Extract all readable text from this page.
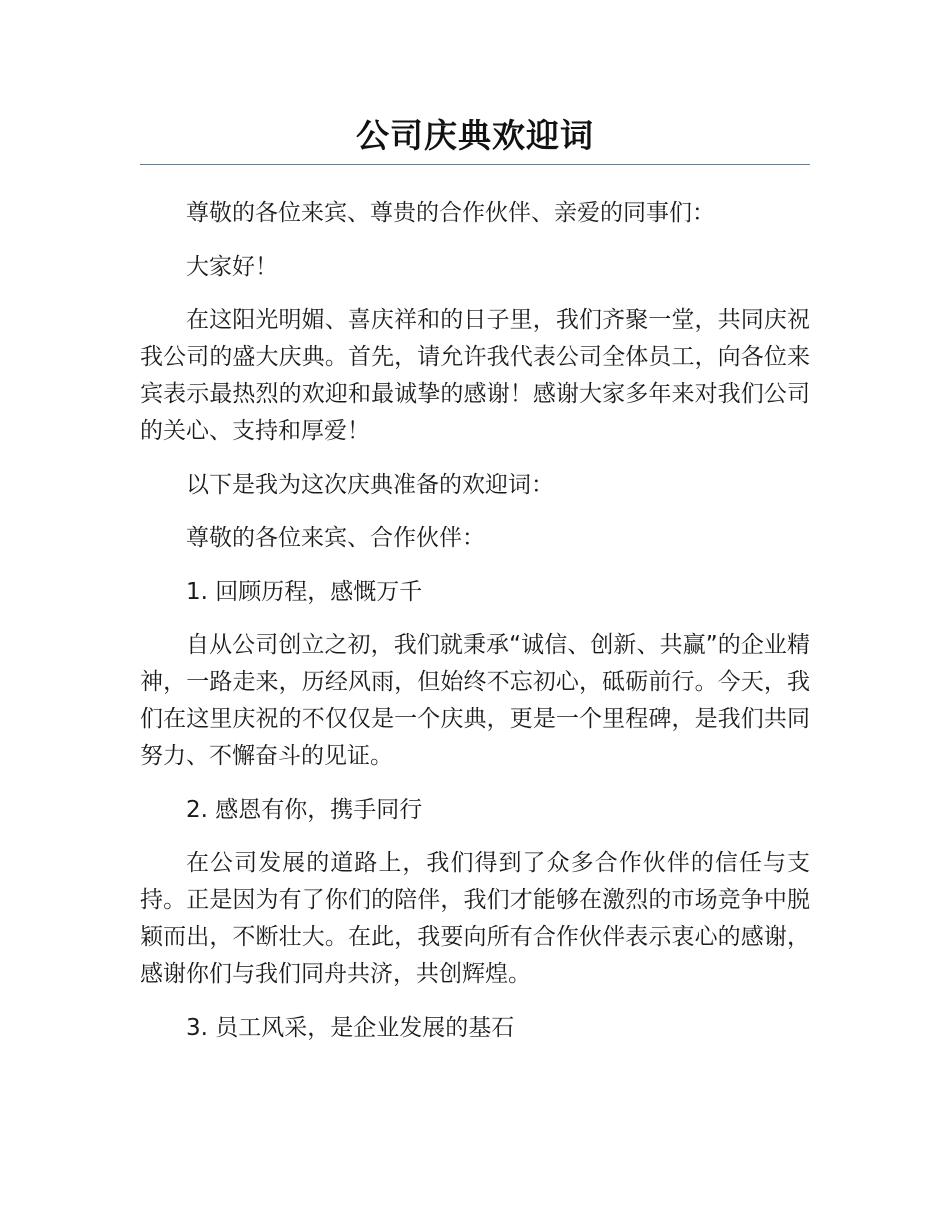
公司庆典欢迎词

尊敬的各位来宾、尊贵的合作伙伴、亲爱的同事们：

大家好！

在这阳光明媚、喜庆祥和的日子里，我们齐聚一堂，共同庆祝我公司的盛大庆典。首先，请允许我代表公司全体员工，向各位来宾表示最热烈的欢迎和最诚挚的感谢！感谢大家多年来对我们公司的关心、支持和厚爱！

以下是我为这次庆典准备的欢迎词：

尊敬的各位来宾、合作伙伴：

1. 回顾历程，感慨万千

自从公司创立之初，我们就秉承“诚信、创新、共赢”的企业精神，一路走来，历经风雨，但始终不忘初心，砥砺前行。今天，我们在这里庆祝的不仅仅是一个庆典，更是一个里程碑，是我们共同努力、不懈奋斗的见证。

2. 感恩有你，携手同行

在公司发展的道路上，我们得到了众多合作伙伴的信任与支持。正是因为有了你们的陪伴，我们才能够在激烈的市场竞争中脱颖而出，不断壮大。在此，我要向所有合作伙伴表示衷心的感谢，感谢你们与我们同舟共济，共创辉煌。

3. 员工风采，是企业发展的基石
